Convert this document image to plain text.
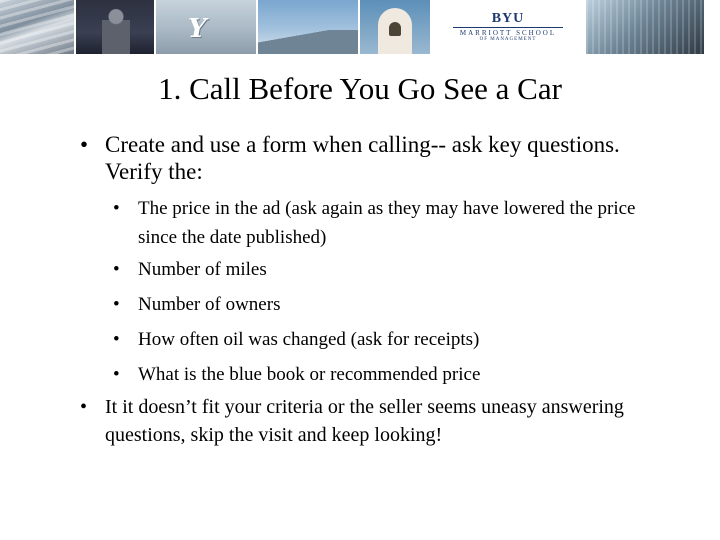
Y	BYU
MARRIOTT SCHOOL
OF MANAGEMENT
1. Call Before You Go See a Car
• Create and use a form when calling-- ask key questions. Verify the:
• The price in the ad (ask again as they may have lowered the price since the date published)
• Number of miles
• Number of owners
• How often oil was changed (ask for receipts)
• What is the blue book or recommended price
• It it doesn’t fit your criteria or the seller seems uneasy answering questions, skip the visit and keep looking!
